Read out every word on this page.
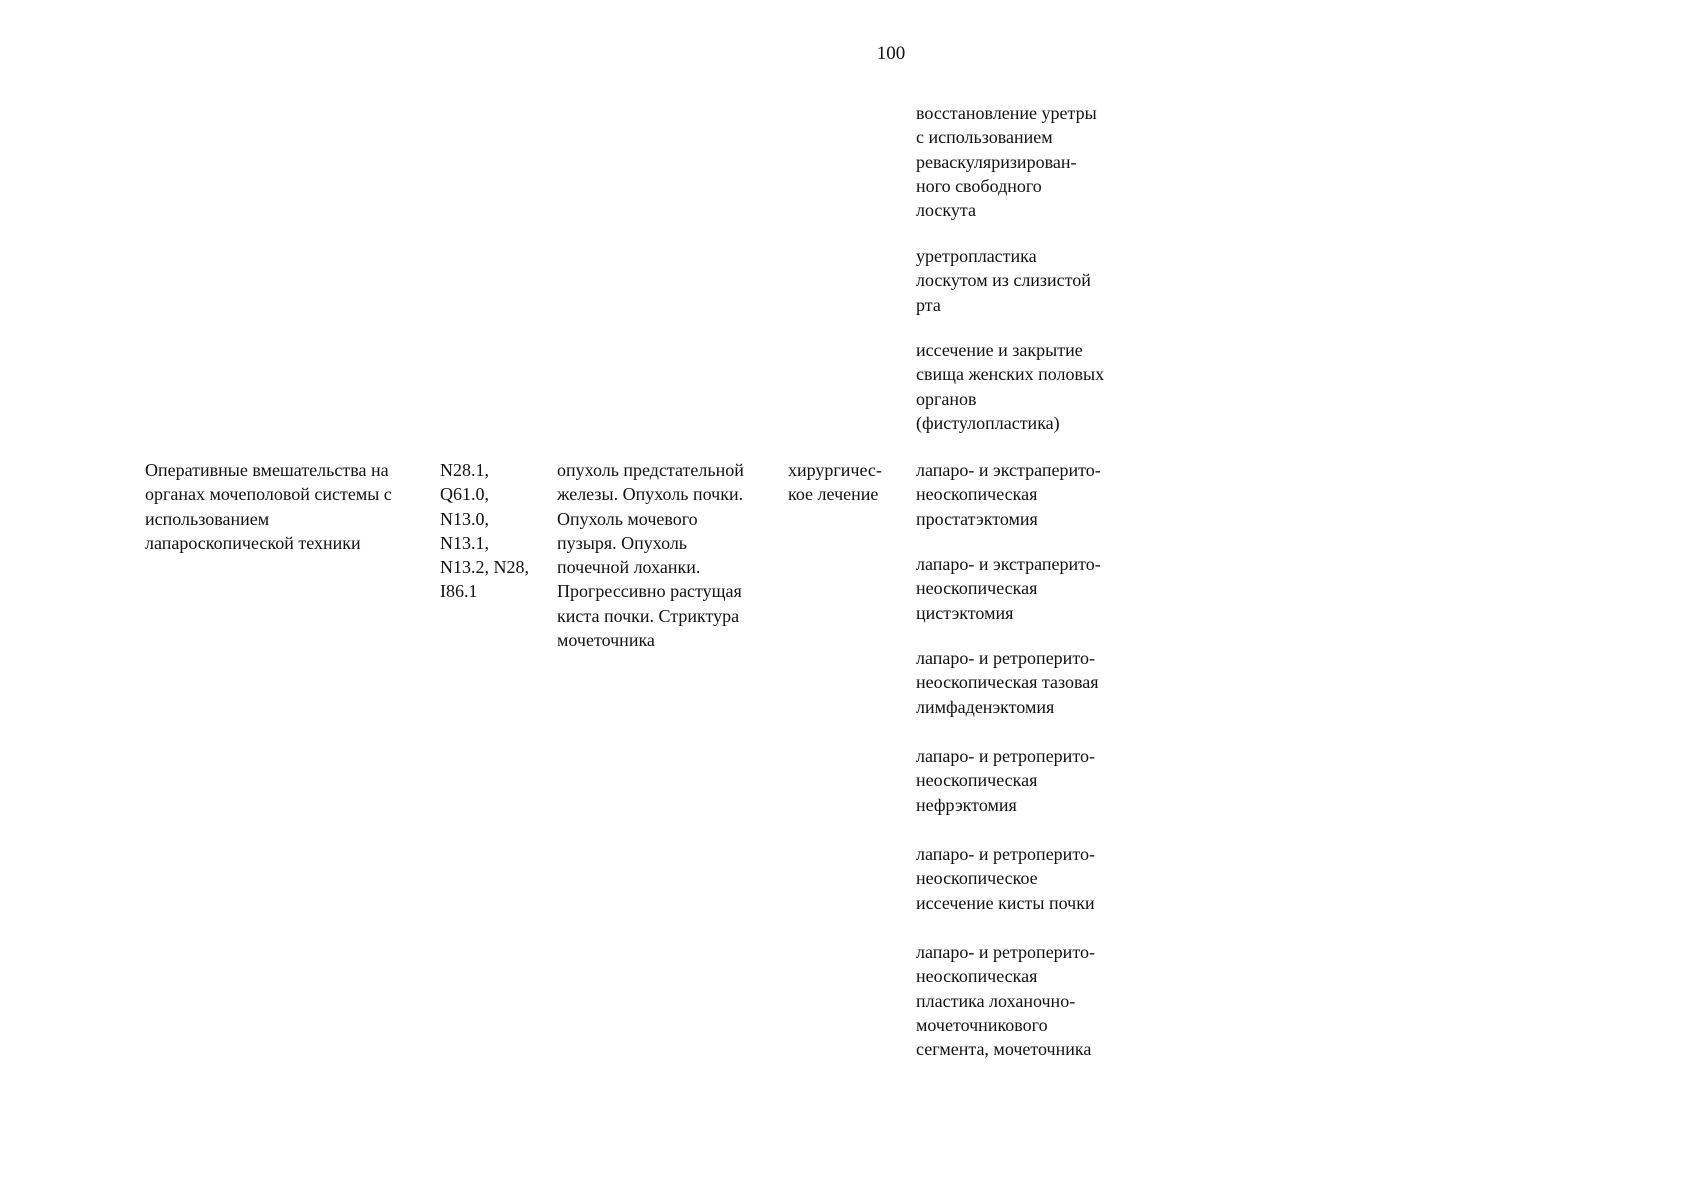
100
восстановление уретры
с использованием
реваскуляризирован-
ного свободного
лоскута
уретропластика
лоскутом из слизистой
рта
иссечение и закрытие
свища женских половых
органов
(фистулопластика)
Оперативные вмешательства на
органах мочеполовой системы с
использованием
лапароскопической техники
N28.1,
Q61.0,
N13.0,
N13.1,
N13.2, N28,
I86.1
опухоль предстательной
железы. Опухоль почки.
Опухоль мочевого
пузыря. Опухоль
почечной лоханки.
Прогрессивно растущая
киста почки. Стриктура
мочеточника
хирургичес-
кое лечение
лапаро- и экстраперито-
неоскопическая
простатэктомия
лапаро- и экстраперито-
неоскопическая
цистэктомия
лапаро- и ретроперито-
неоскопическая тазовая
лимфаденэктомия
лапаро- и ретроперито-
неоскопическая
нефрэктомия
лапаро- и ретроперито-
неоскопическое
иссечение кисты почки
лапаро- и ретроперито-
неоскопическая
пластика лоханочно-
мочеточникового
сегмента, мочеточника
